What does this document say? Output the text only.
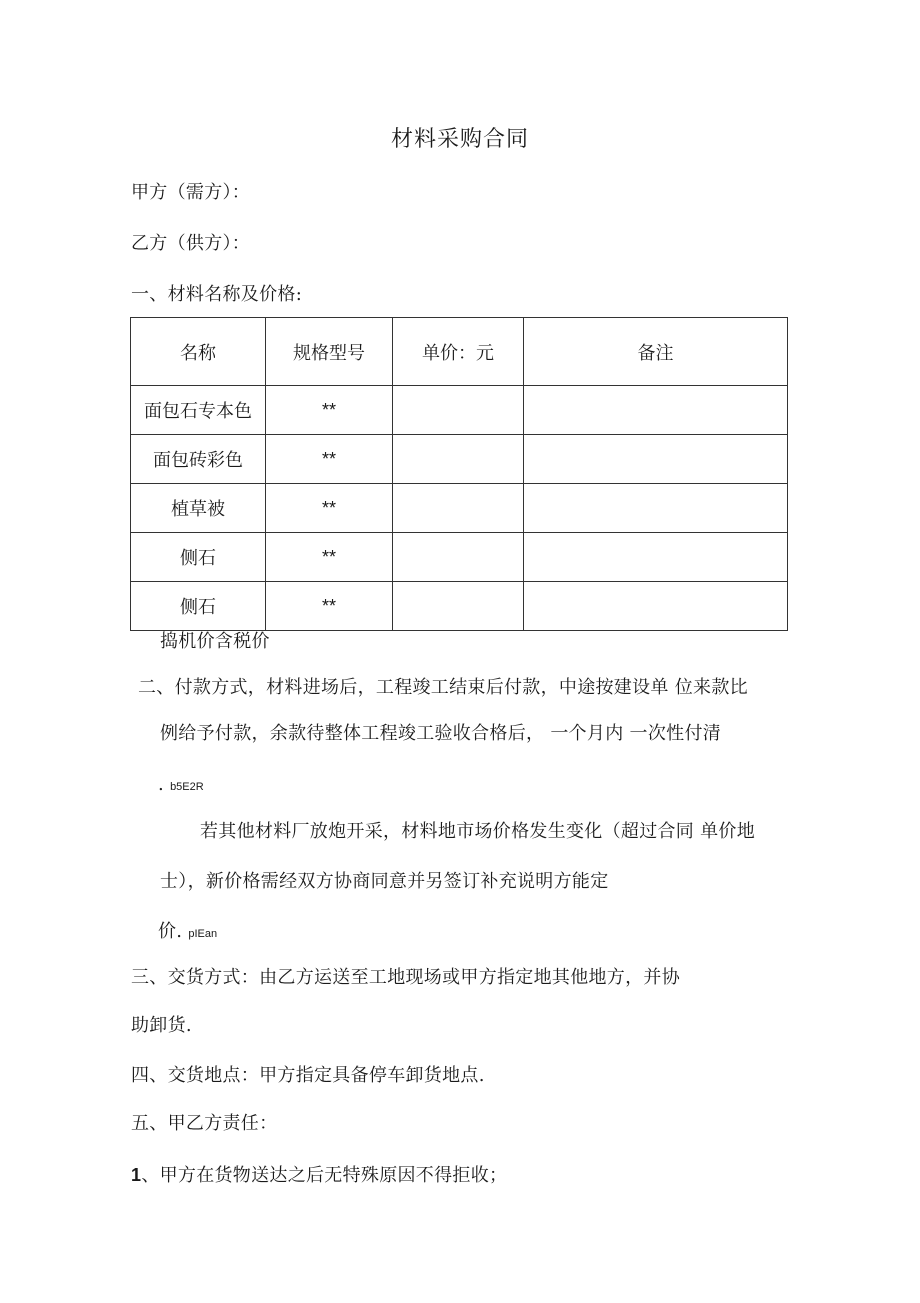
材料采购合同
甲方（需方）：
乙方（供方）：
一、材料名称及价格:
名称	规格型号	单价：元	备注
面包石专本色	**		
面包砖彩色	**		
植草被	**		
侧石	**		
侧石	**		
捣机价含税价
二、付款方式，材料进场后，工程竣工结束后付款，中途按建设单 位来款比
例给予付款，余款待整体工程竣工验收合格后， 一个月内 一次性付清
. b5E2R
若其他材料厂放炮开采，材料地市场价格发生变化（超过合同 单价地
士），新价格需经双方协商同意并另签订补充说明方能定
价. pIEan
三、交货方式：由乙方运送至工地现场或甲方指定地其他地方，并协
助卸货.
四、交货地点：甲方指定具备停车卸货地点.
五、甲乙方责任：
1、甲方在货物送达之后无特殊原因不得拒收；
